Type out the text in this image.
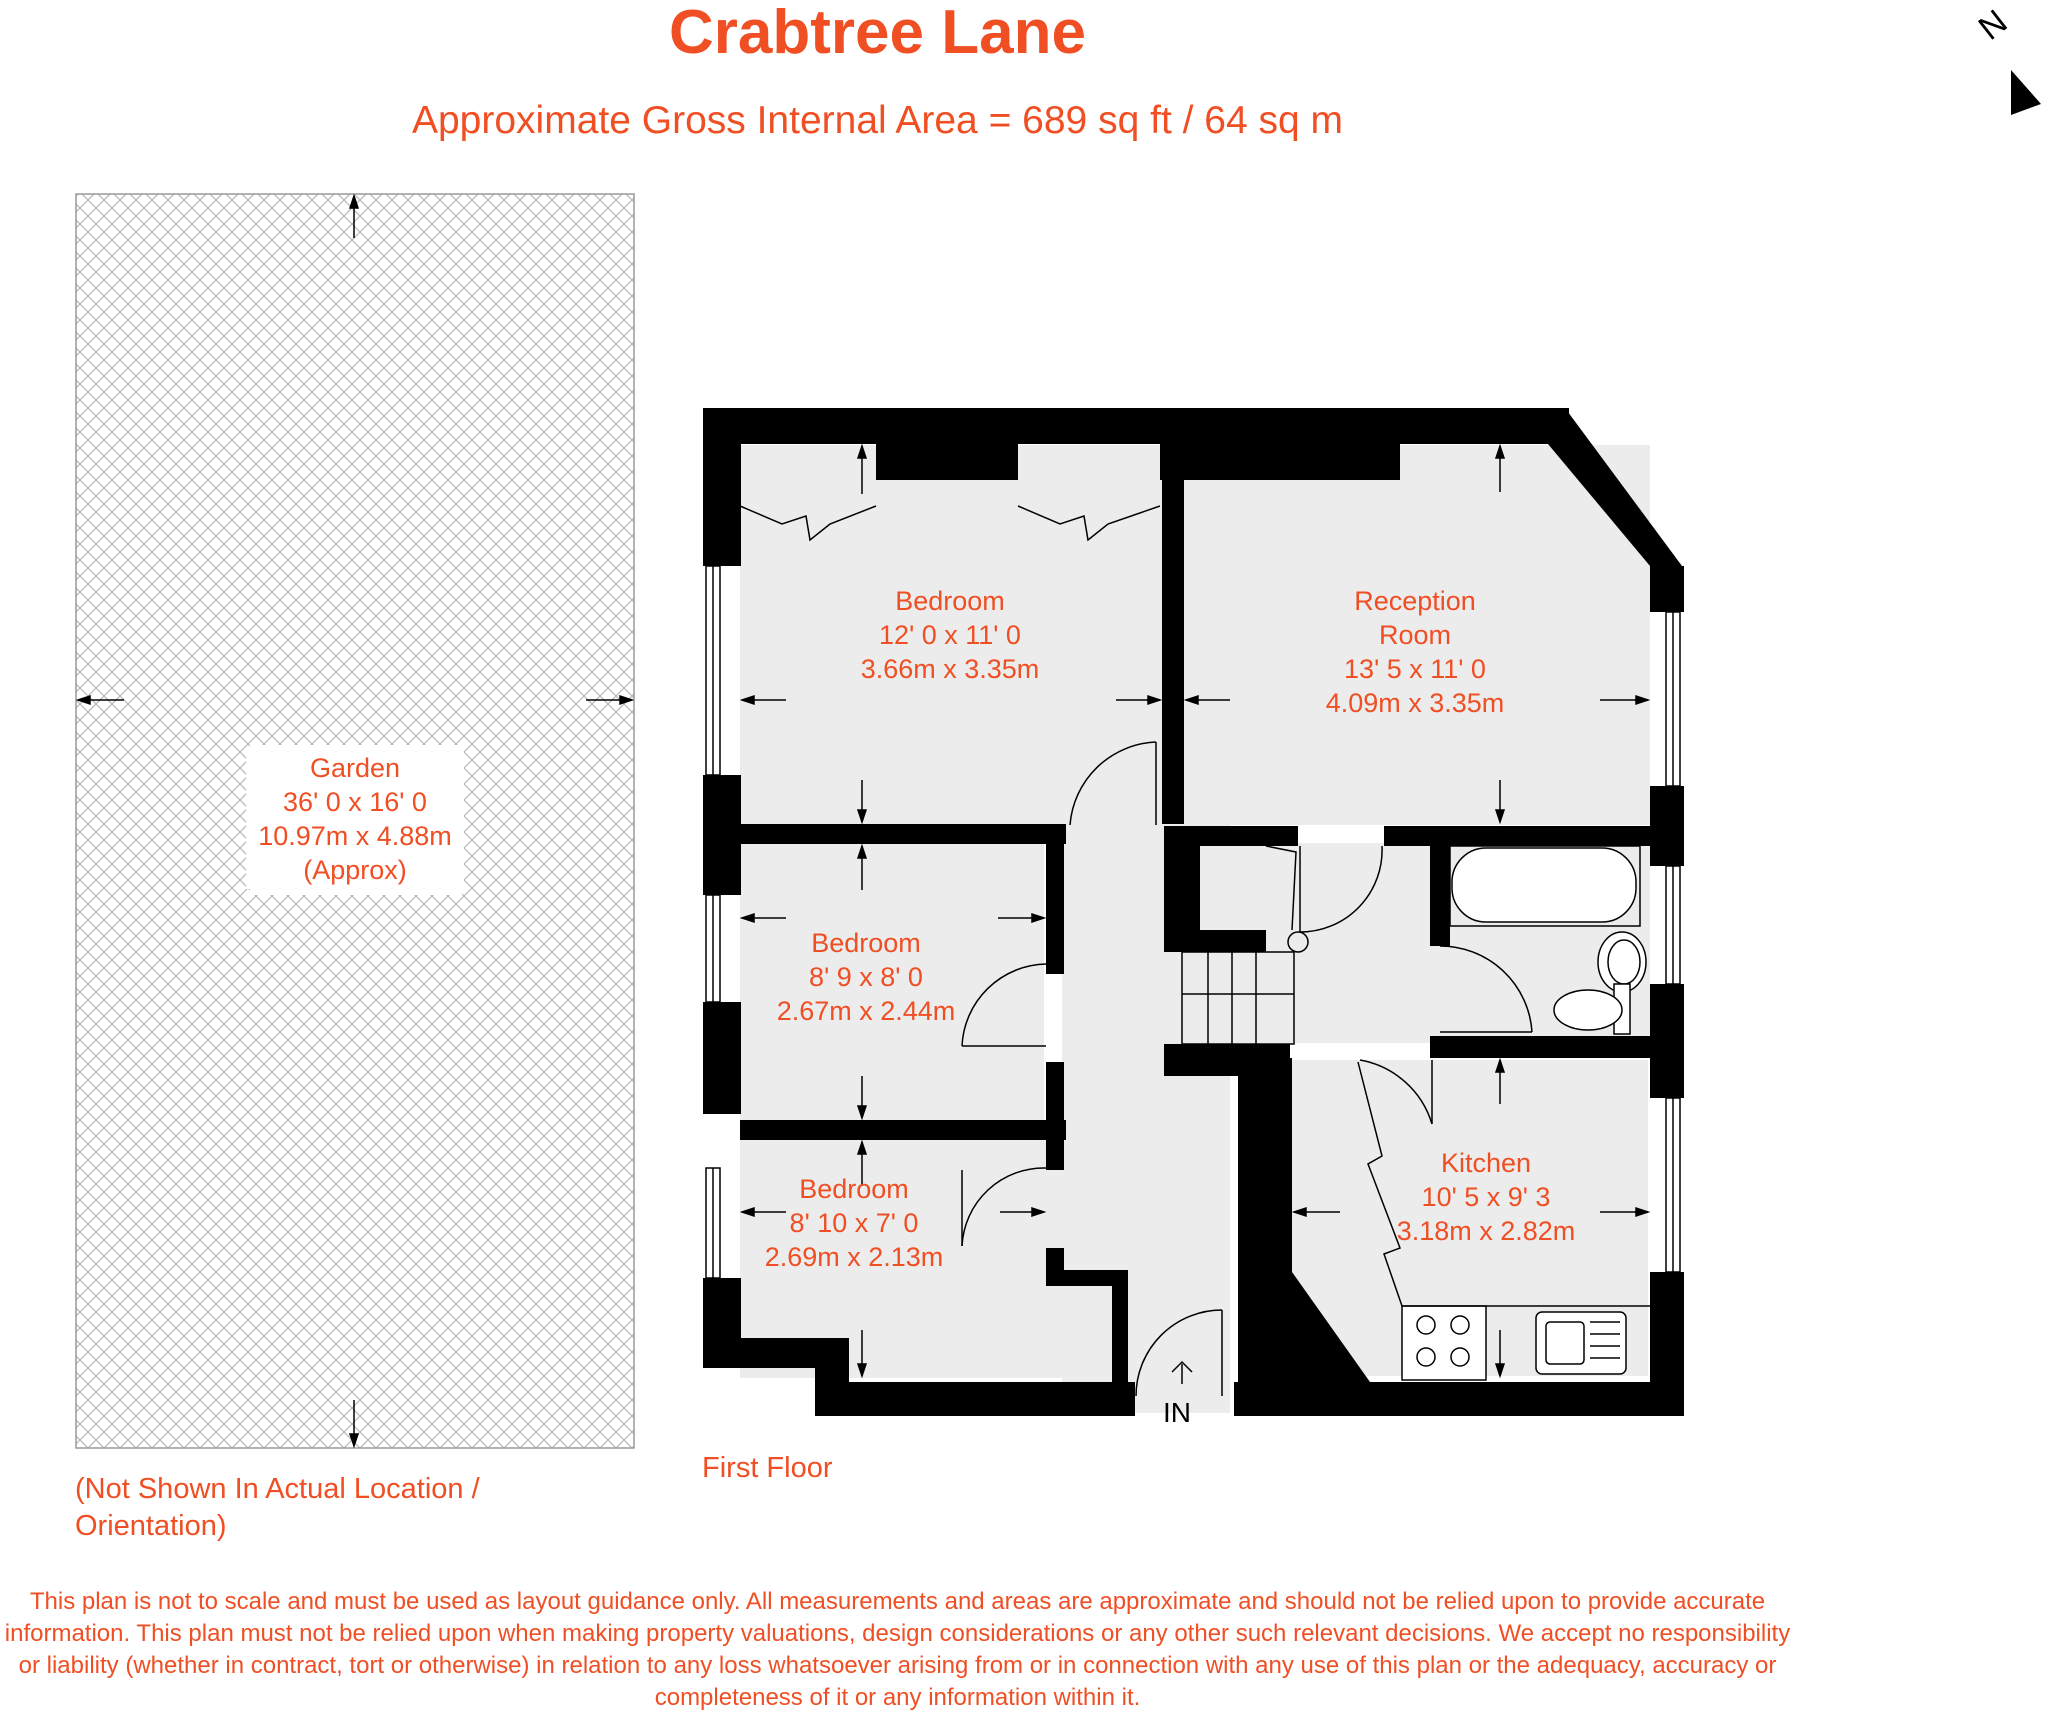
Crabtree Lane
Approximate Gross Internal Area = 689 sq ft / 64 sq m
N
Bedroom
12' 0 x 11' 0
3.66m x 3.35m
Reception
Room
13' 5 x 11' 0
4.09m x 3.35m
Bedroom
8' 9 x 8' 0
2.67m x 2.44m
Bedroom
8' 10 x 7' 0
2.69m x 2.13m
Kitchen
10' 5 x 9' 3
3.18m x 2.82m
Garden
36' 0 x 16' 0
10.97m x 4.88m
(Approx)
IN
First Floor
(Not Shown In Actual Location / Orientation)
This plan is not to scale and must be used as layout guidance only. All measurements and areas are approximate and should not be relied upon to provide accurate information. This plan must not be relied upon when making property valuations, design considerations or any other such relevant decisions. We accept no responsibility or liability (whether in contract, tort or otherwise) in relation to any loss whatsoever arising from or in connection with any use of this plan or the adequacy, accuracy or completeness of it or any information within it.
